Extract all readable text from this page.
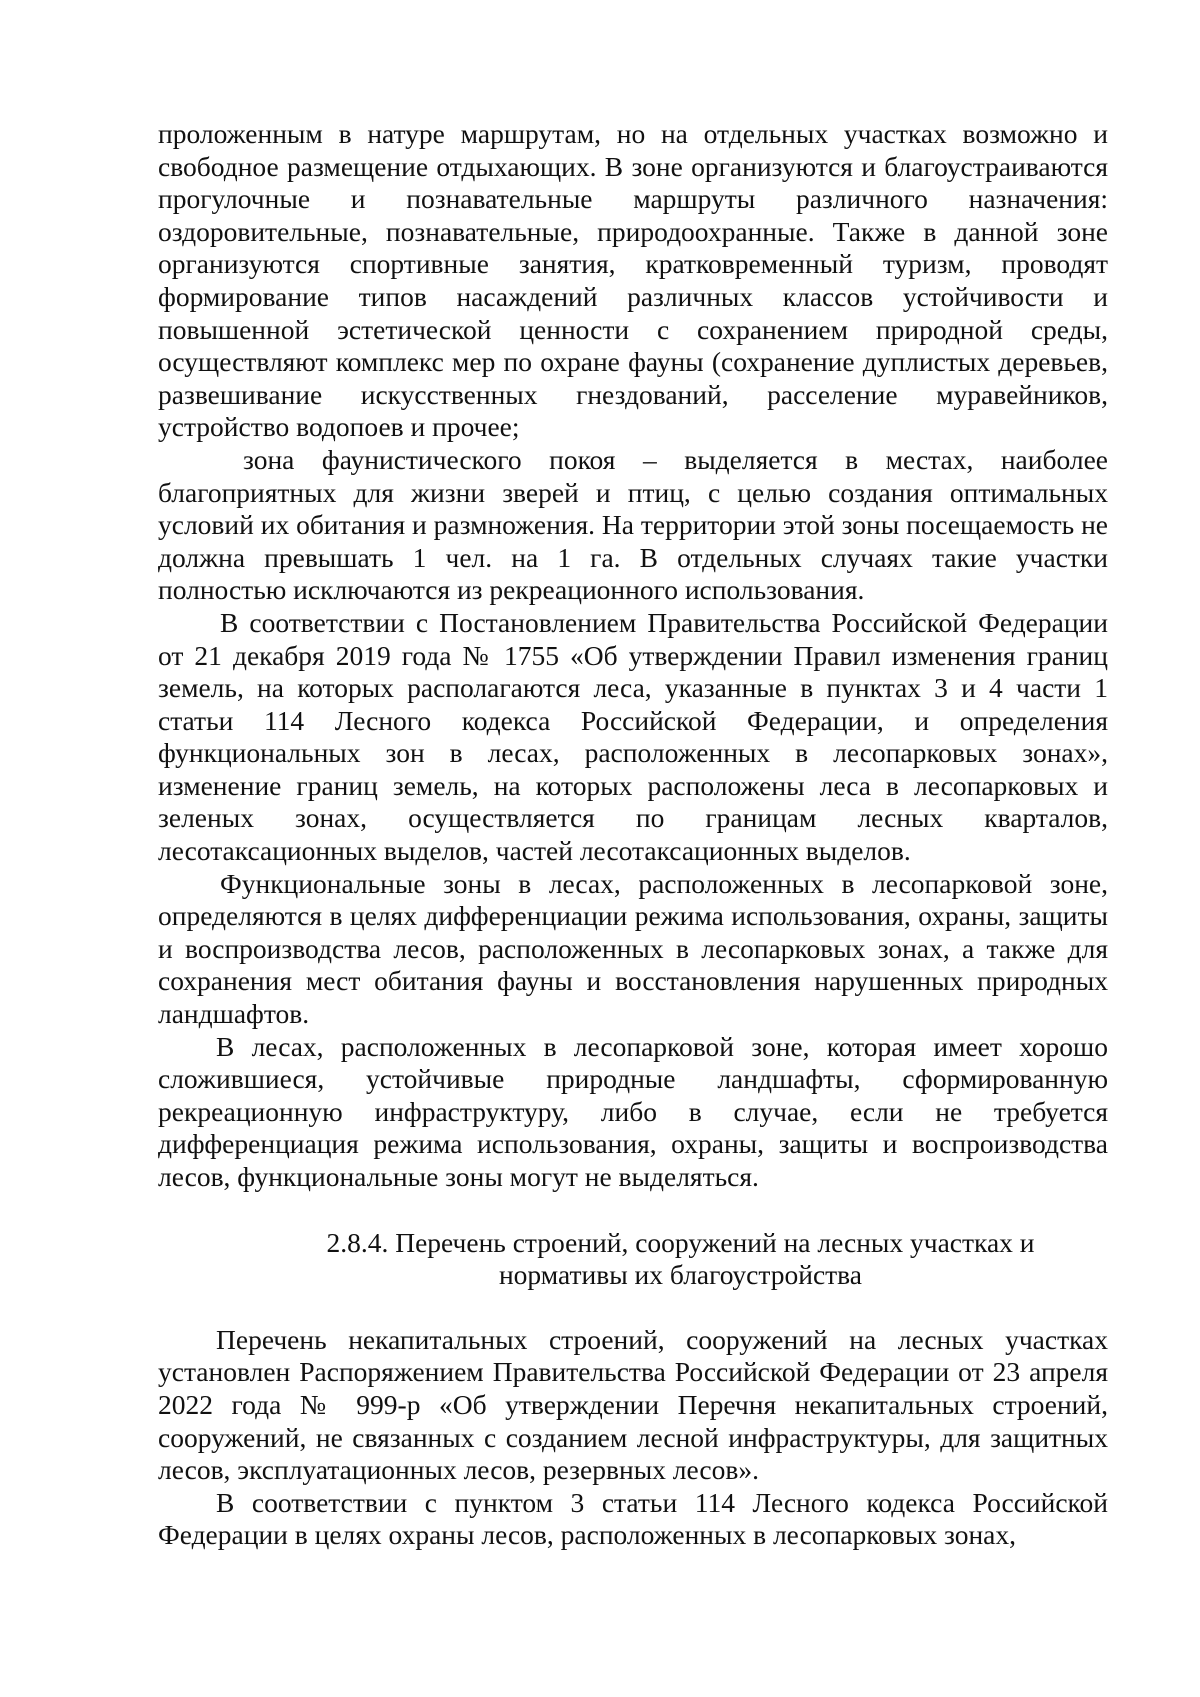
проложенным в натуре маршрутам, но на отдельных участках возможно и свободное размещение отдыхающих. В зоне организуются и благоустраиваются прогулочные и познавательные маршруты различного назначения: оздоровительные, познавательные, природоохранные. Также в данной зоне организуются спортивные занятия, кратковременный туризм, проводят формирование типов насаждений различных классов устойчивости и повышенной эстетической ценности с сохранением природной среды, осуществляют комплекс мер по охране фауны (сохранение дуплистых деревьев, развешивание искусственных гнездований, расселение муравейников, устройство водопоев и прочее;

зона фаунистического покоя – выделяется в местах, наиболее благоприятных для жизни зверей и птиц, с целью создания оптимальных условий их обитания и размножения. На территории этой зоны посещаемость не должна превышать 1 чел. на 1 га. В отдельных случаях такие участки полностью исключаются из рекреационного использования.

В соответствии с Постановлением Правительства Российской Федерации от 21 декабря 2019 года № 1755 «Об утверждении Правил изменения границ земель, на которых располагаются леса, указанные в пунктах 3 и 4 части 1 статьи 114 Лесного кодекса Российской Федерации, и определения функциональных зон в лесах, расположенных в лесопарковых зонах», изменение границ земель, на которых расположены леса в лесопарковых и зеленых зонах, осуществляется по границам лесных кварталов, лесотаксационных выделов, частей лесотаксационных выделов.

Функциональные зоны в лесах, расположенных в лесопарковой зоне, определяются в целях дифференциации режима использования, охраны, защиты и воспроизводства лесов, расположенных в лесопарковых зонах, а также для сохранения мест обитания фауны и восстановления нарушенных природных ландшафтов.

В лесах, расположенных в лесопарковой зоне, которая имеет хорошо сложившиеся, устойчивые природные ландшафты, сформированную рекреационную инфраструктуру, либо в случае, если не требуется дифференциация режима использования, охраны, защиты и воспроизводства лесов, функциональные зоны могут не выделяться.

2.8.4. Перечень строений, сооружений на лесных участках и
нормативы их благоустройства

Перечень некапитальных строений, сооружений на лесных участках установлен Распоряжением Правительства Российской Федерации от 23 апреля 2022 года № 999-р «Об утверждении Перечня некапитальных строений, сооружений, не связанных с созданием лесной инфраструктуры, для защитных лесов, эксплуатационных лесов, резервных лесов».

В соответствии с пунктом 3 статьи 114 Лесного кодекса Российской Федерации в целях охраны лесов, расположенных в лесопарковых зонах,
